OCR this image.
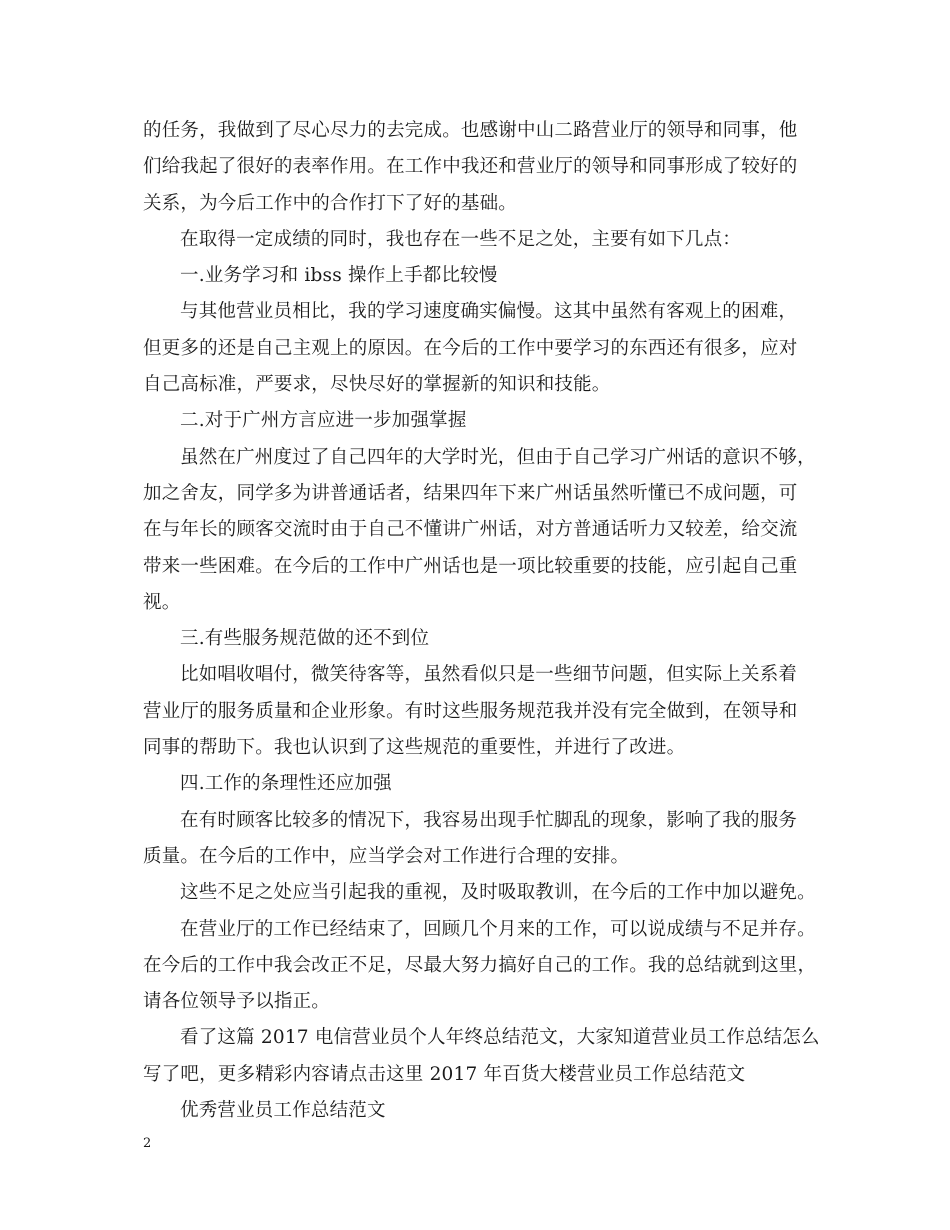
的任务，我做到了尽心尽力的去完成。也感谢中山二路营业厅的领导和同事，他
们给我起了很好的表率作用。在工作中我还和营业厅的领导和同事形成了较好的
关系，为今后工作中的合作打下了好的基础。
在取得一定成绩的同时，我也存在一些不足之处，主要有如下几点：
一.业务学习和 ibss 操作上手都比较慢
与其他营业员相比，我的学习速度确实偏慢。这其中虽然有客观上的困难，
但更多的还是自己主观上的原因。在今后的工作中要学习的东西还有很多，应对
自己高标准，严要求，尽快尽好的掌握新的知识和技能。
二.对于广州方言应进一步加强掌握
虽然在广州度过了自己四年的大学时光，但由于自己学习广州话的意识不够，
加之舍友，同学多为讲普通话者，结果四年下来广州话虽然听懂已不成问题，可
在与年长的顾客交流时由于自己不懂讲广州话，对方普通话听力又较差，给交流
带来一些困难。在今后的工作中广州话也是一项比较重要的技能，应引起自己重
视。
三.有些服务规范做的还不到位
比如唱收唱付，微笑待客等，虽然看似只是一些细节问题，但实际上关系着
营业厅的服务质量和企业形象。有时这些服务规范我并没有完全做到，在领导和
同事的帮助下。我也认识到了这些规范的重要性，并进行了改进。
四.工作的条理性还应加强
在有时顾客比较多的情况下，我容易出现手忙脚乱的现象，影响了我的服务
质量。在今后的工作中，应当学会对工作进行合理的安排。
这些不足之处应当引起我的重视，及时吸取教训，在今后的工作中加以避免。
在营业厅的工作已经结束了，回顾几个月来的工作，可以说成绩与不足并存。
在今后的工作中我会改正不足，尽最大努力搞好自己的工作。我的总结就到这里，
请各位领导予以指正。
看了这篇 2017 电信营业员个人年终总结范文，大家知道营业员工作总结怎么
写了吧，更多精彩内容请点击这里 2017 年百货大楼营业员工作总结范文
优秀营业员工作总结范文
2
